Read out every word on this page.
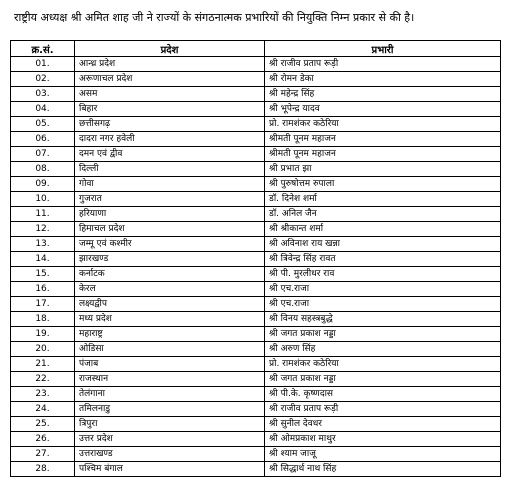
राष्ट्रीय अध्यक्ष श्री अमित शाह जी ने राज्यों के संगठनात्मक प्रभारियों की नियुक्ति निम्न प्रकार से की है।
क्र.सं.	प्रदेश	प्रभारी
01.	आन्ध्र प्रदेश	श्री राजीव प्रताप रूड़ी
02.	अरूणाचल प्रदेश	श्री रोमन डेका
03.	असम	श्री महेन्द्र सिंह
04.	बिहार	श्री भूपेन्द्र यादव
05.	छत्तीसगढ़	प्रो. रामशंकर कठेरिया
06.	दादरा नगर हवेली	श्रीमती पूनम महाजन
07.	दमन एवं द्वीव	श्रीमती पूनम महाजन
08.	दिल्ली	श्री प्रभात झा
09.	गोवा	श्री पुरुषोत्तम रुपाला
10.	गुजरात	डॉ. दिनेश शर्मा
11.	हरियाणा	डॉ. अनिल जैन
12.	हिमाचल प्रदेश	श्री श्रीकान्त शर्मा
13.	जम्मू एवं कश्मीर	श्री अविनाश राय खन्ना
14.	झारखण्ड	श्री त्रिवेन्द्र सिंह रावत
15.	कर्नाटक	श्री पी. मुरलीधर राव
16.	केरल	श्री एच.राजा
17.	लक्ष्यद्वीप	श्री एच.राजा
18.	मध्य प्रदेश	श्री विनय सहस्त्रबुद्धे
19.	महाराष्ट्र	श्री जगत प्रकाश नड्डा
20.	ओडिसा	श्री अरुण सिंह
21.	पंजाब	प्रो. रामशंकर कठेरिया
22.	राजस्थान	श्री जगत प्रकाश नड्डा
23.	तेलंगाना	श्री पी.के. कृष्णदास
24.	तमिलनाडु	श्री राजीव प्रताप रूड़ी
25.	त्रिपुरा	श्री सुनील देवधर
26.	उत्तर प्रदेश	श्री ओमप्रकाश माथुर
27.	उत्तराखण्ड	श्री श्याम जाजू
28.	पश्चिम बंगाल	श्री सिद्धार्थ नाथ सिंह
